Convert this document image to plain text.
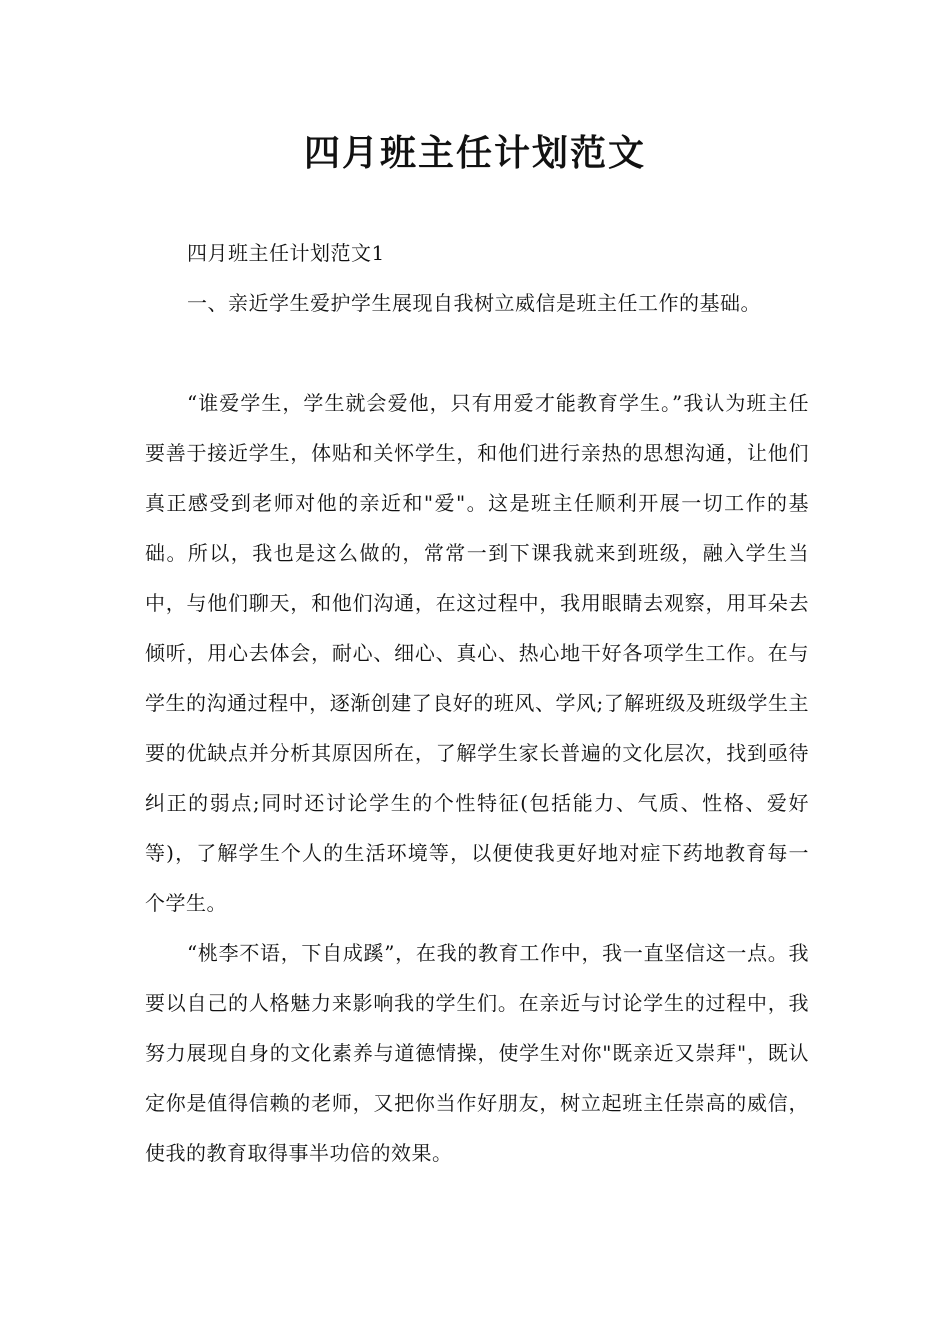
四月班主任计划范文

四月班主任计划范文1

一、亲近学生爱护学生展现自我树立威信是班主任工作的基础。

“谁爱学生，学生就会爱他，只有用爱才能教育学生。”我认为班主任要善于接近学生，体贴和关怀学生，和他们进行亲热的思想沟通，让他们真正感受到老师对他的亲近和"爱"。这是班主任顺利开展一切工作的基础。所以，我也是这么做的，常常一到下课我就来到班级，融入学生当中，与他们聊天，和他们沟通，在这过程中，我用眼睛去观察，用耳朵去倾听，用心去体会，耐心、细心、真心、热心地干好各项学生工作。在与学生的沟通过程中，逐渐创建了良好的班风、学风;了解班级及班级学生主要的优缺点并分析其原因所在，了解学生家长普遍的文化层次，找到亟待纠正的弱点;同时还讨论学生的个性特征(包括能力、气质、性格、爱好等)，了解学生个人的生活环境等，以便使我更好地对症下药地教育每一个学生。

“桃李不语，下自成蹊”，在我的教育工作中，我一直坚信这一点。我要以自己的人格魅力来影响我的学生们。在亲近与讨论学生的过程中，我努力展现自身的文化素养与道德情操，使学生对你"既亲近又崇拜"，既认定你是值得信赖的老师，又把你当作好朋友，树立起班主任崇高的威信，使我的教育取得事半功倍的效果。
